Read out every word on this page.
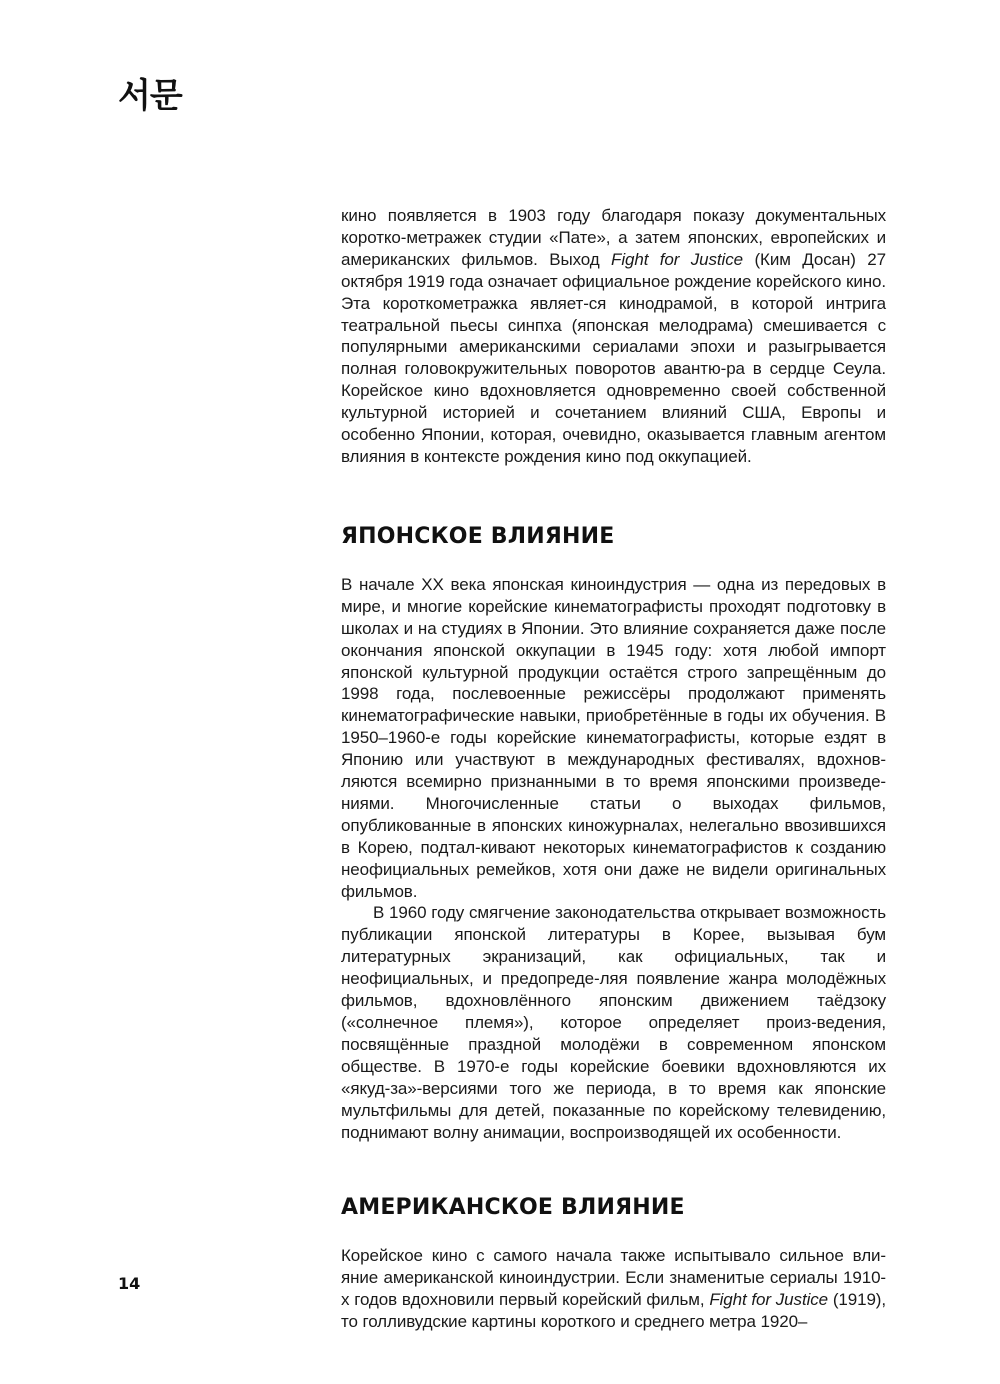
서문

кино появляется в 1903 году благодаря показу документальных коротко-метражек студии «Пате», а затем японских, европейских и американских фильмов. Выход Fight for Justice (Ким Досан) 27 октября 1919 года означает официальное рождение корейского кино. Эта короткометражка являет-ся кинодрамой, в которой интрига театральной пьесы синпха (японская мелодрама) смешивается с популярными американскими сериалами эпохи и разыгрывается полная головокружительных поворотов авантю-ра в сердце Сеула. Корейское кино вдохновляется одновременно своей собственной культурной историей и сочетанием влияний США, Европы и особенно Японии, которая, очевидно, оказывается главным агентом влияния в контексте рождения кино под оккупацией.

ЯПОНСКОЕ ВЛИЯНИЕ

В начале XX века японская киноиндустрия — одна из передовых в мире, и многие корейские кинематографисты проходят подготовку в школах и на студиях в Японии. Это влияние сохраняется даже после окончания японской оккупации в 1945 году: хотя любой импорт японской культурной продукции остаётся строго запрещённым до 1998 года, послевоенные режиссёры продолжают применять кинематографические навыки, приобретённые в годы их обучения. В 1950–1960-е годы корейские кинематографисты, которые ездят в Японию или участвуют в международных фестивалях, вдохнов-ляются всемирно признанными в то время японскими произведе-ниями. Многочисленные статьи о выходах фильмов, опубликованные в японских киножурналах, нелегально ввозившихся в Корею, подтал-кивают некоторых кинематографистов к созданию неофициальных ремейков, хотя они даже не видели оригинальных фильмов.

В 1960 году смягчение законодательства открывает возможность публикации японской литературы в Корее, вызывая бум литературных экранизаций, как официальных, так и неофициальных, и предопреде-ляя появление жанра молодёжных фильмов, вдохновлённого японским движением таёдзоку («солнечное племя»), которое определяет произ-ведения, посвящённые праздной молодёжи в современном японском обществе. В 1970-е годы корейские боевики вдохновляются их «якуд-за»-версиями того же периода, в то время как японские мультфильмы для детей, показанные по корейскому телевидению, поднимают волну анимации, воспроизводящей их особенности.

АМЕРИКАНСКОЕ ВЛИЯНИЕ

Корейское кино с самого начала также испытывало сильное вли-яние американской киноиндустрии. Если знаменитые сериалы 1910-х годов вдохновили первый корейский фильм, Fight for Justice (1919), то голливудские картины короткого и среднего метра 1920–

14
